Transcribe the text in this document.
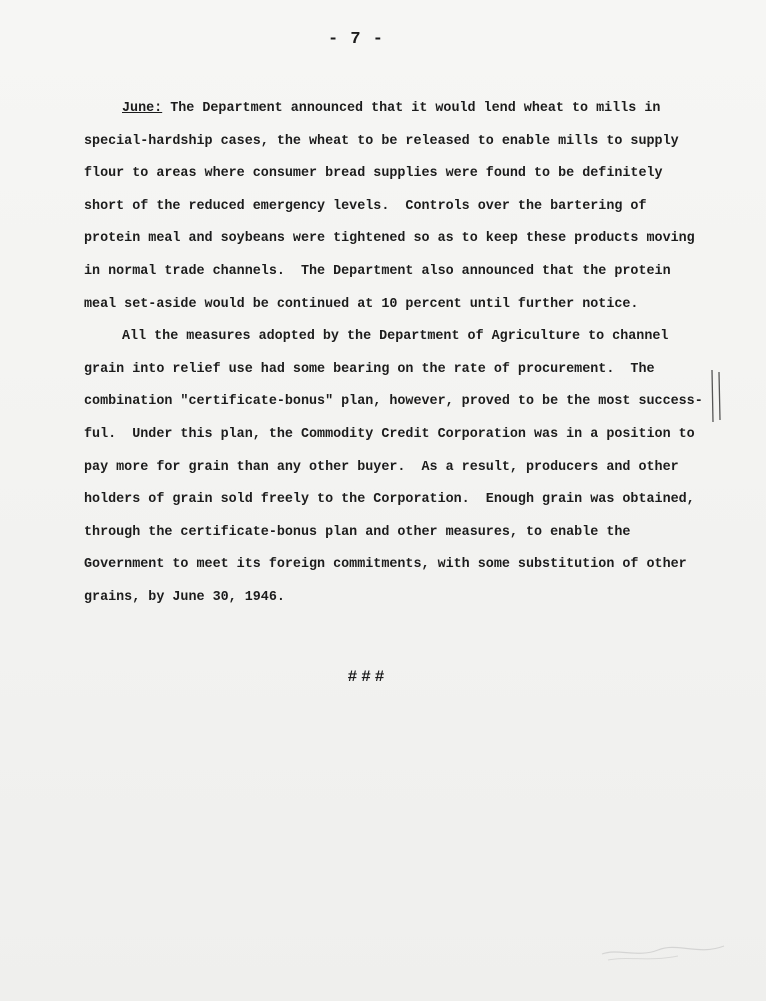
- 7 -

June: The Department announced that it would lend wheat to mills in

special-hardship cases, the wheat to be released to enable mills to supply

flour to areas where consumer bread supplies were found to be definitely

short of the reduced emergency levels.  Controls over the bartering of

protein meal and soybeans were tightened so as to keep these products moving

in normal trade channels.  The Department also announced that the protein

meal set-aside would be continued at 10 percent until further notice.

All the measures adopted by the Department of Agriculture to channel

grain into relief use had some bearing on the rate of procurement.  The

combination "certificate-bonus" plan, however, proved to be the most success-

ful.  Under this plan, the Commodity Credit Corporation was in a position to

pay more for grain than any other buyer.  As a result, producers and other

holders of grain sold freely to the Corporation.  Enough grain was obtained,

through the certificate-bonus plan and other measures, to enable the

Government to meet its foreign commitments, with some substitution of other

grains, by June 30, 1946.

###
